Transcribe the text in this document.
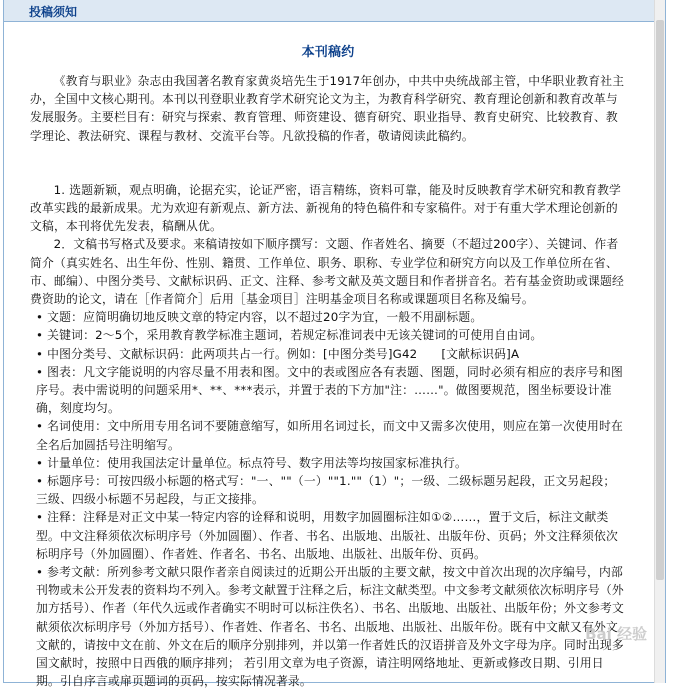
投稿须知
本刊稿约

《教育与职业》杂志由我国著名教育家黄炎培先生于1917年创办，中共中央统战部主管，中华职业教育社主办，全国中文核心期刊。本刊以刊登职业教育学术研究论文为主，为教育科学研究、教育理论创新和教育改革与发展服务。主要栏目有：研究与探索、教育管理、师资建设、德育研究、职业指导、教育史研究、比较教育、教学理论、教法研究、课程与教材、交流平台等。凡欲投稿的作者，敬请阅读此稿约。

1. 选题新颖，观点明确，论据充实，论证严密，语言精练，资料可靠，能及时反映教育学术研究和教育教学改革实践的最新成果。尤为欢迎有新观点、新方法、新视角的特色稿件和专家稿件。对于有重大学术理论创新的文稿，本刊将优先发表，稿酬从优。

2．文稿书写格式及要求。来稿请按如下顺序撰写：文题、作者姓名、摘要（不超过200字）、关键词、作者简介（真实姓名、出生年份、性别、籍贯、工作单位、职务、职称、专业学位和研究方向以及工作单位所在省、市、邮编）、中图分类号、文献标识码、正文、注释、参考文献及英文题目和作者拼音名。若有基金资助或课题经费资助的论文，请在［作者简介］后用［基金项目］注明基金项目名称或课题项目名称及编号。

• 文题：应简明确切地反映文章的特定内容，以不超过20字为宜，一般不用副标题。

• 关键词：2～5个，采用教育教学标准主题词，若规定标准词表中无该关键词的可使用自由词。

• 中图分类号、文献标识码：此两项共占一行。例如：[中图分类号]G42　　[文献标识码]A

• 图表：凡文字能说明的内容尽量不用表和图。文中的表或图应各有表题、图题，同时必须有相应的表序号和图序号。表中需说明的问题采用*、**、***表示，并置于表的下方加"注：……"。做图要规范，图坐标要设计准确，刻度均匀。

• 名词使用：文中所用专用名词不要随意缩写，如所用名词过长，而文中又需多次使用，则应在第一次使用时在全名后加圆括号注明缩写。

• 计量单位：使用我国法定计量单位。标点符号、数字用法等均按国家标准执行。

• 标题序号：可按四级小标题的格式写："一、""（一）""1.""（1）"；一级、二级标题另起段，正文另起段；三级、四级小标题不另起段，与正文接排。

• 注释：注释是对正文中某一特定内容的诠释和说明，用数字加圆圈标注如①②……，置于文后，标注文献类型。中文注释须依次标明序号（外加圆圈）、作者、书名、出版地、出版社、出版年份、页码；外文注释须依次标明序号（外加圆圈）、作者姓、作者名、书名、出版地、出版社、出版年份、页码。

• 参考文献：所列参考文献只限作者亲自阅读过的近期公开出版的主要文献，按文中首次出现的次序编号，内部刊物或未公开发表的资料均不列入。参考文献置于注释之后，标注文献类型。中文参考文献须依次标明序号（外加方括号）、作者（年代久远或作者确实不明时可以标注佚名）、书名、出版地、出版社、出版年份；外文参考文献须依次标明序号（外加方括号）、作者姓、作者名、书名、出版地、出版社、出版年份。既有中文献又有外文文献的，请按中文在前、外文在后的顺序分别排列，并以第一作者姓氏的汉语拼音及外文字母为序。同时出现多国文献时，按照中日西俄的顺序排列； 若引用文章为电子资源，请注明网络地址、更新或修改日期、引用日期。引自序言或扉页题词的页码，按实际情况著录。

Bai 经验
